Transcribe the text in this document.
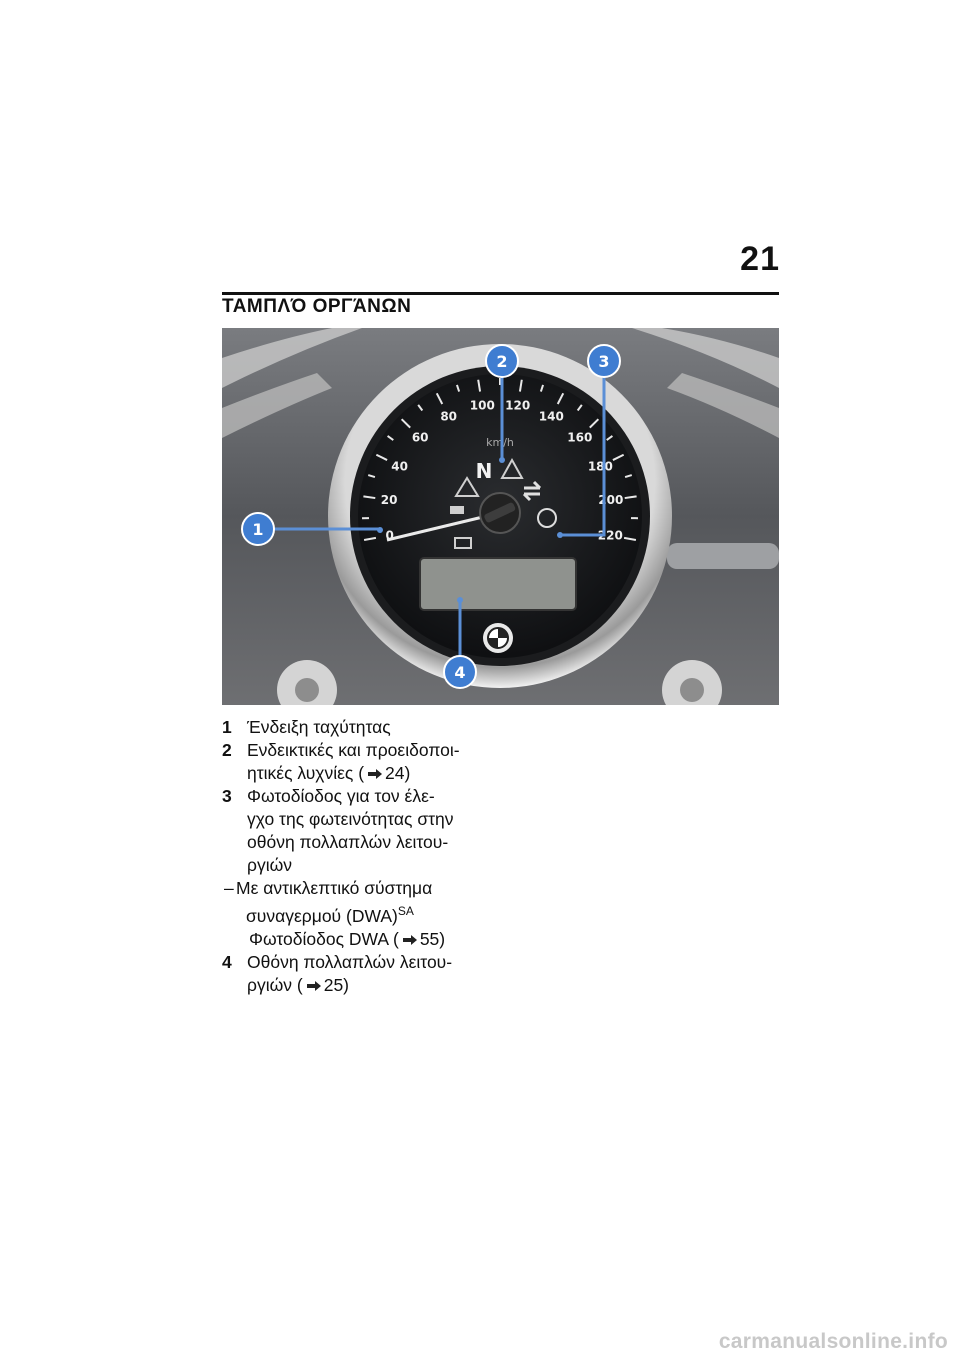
21
ΤΑΜΠΛΌ ΟΡΓΆΝΩΝ
0
20
40
60
80
100 120
140
160
180
200
220
km/h
N
1
2	3
4
1 Ένδειξη ταχύτητας
2 Ενδεικτικές και προειδοποι-
ητικές λυχνίες ( 24)
3 Φωτοδίοδος για τον έλε-
γχο της φωτεινότητας στην
οθόνη πολλαπλών λειτου-
ργιών
– Με αντικλεπτικό σύστημα
συναγερμού (DWA)$^{SA}$
Φωτοδίοδος DWA ( 55)
4 Οθόνη πολλαπλών λειτου-
ργιών ( 25)
carmanualsonline.info
